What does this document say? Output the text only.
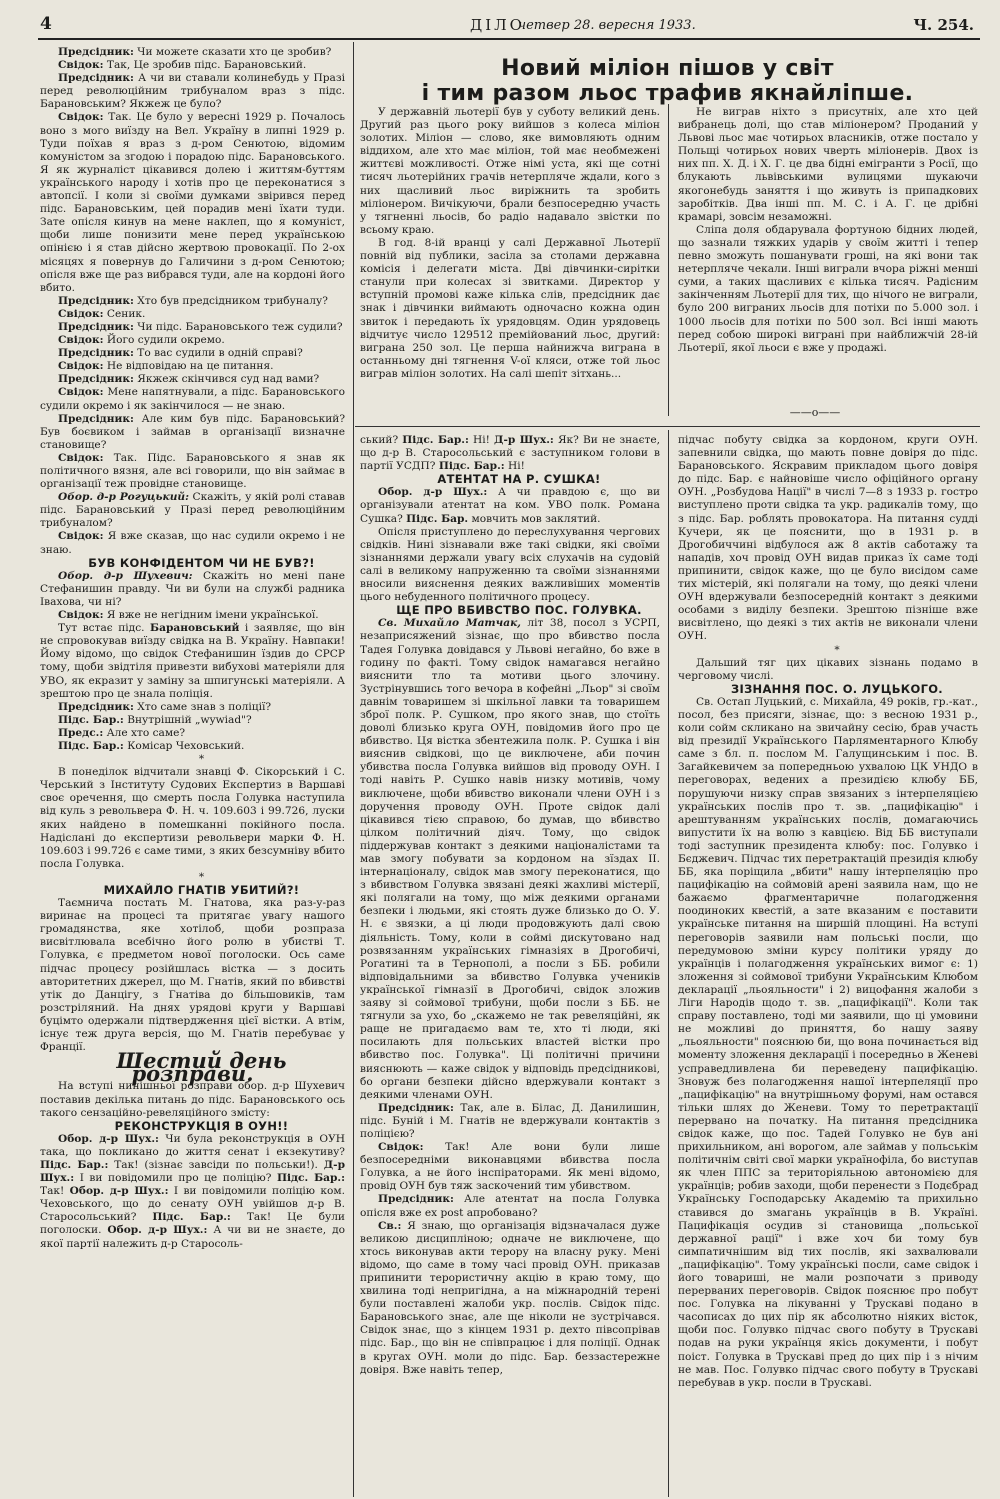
4	ДІЛО
четвер 28. вересня 1933.	Ч. 254.

Предсідник: Чи можете сказати хто це зробив?

Свідок: Так, Це зробив підс. Барановський.

Предсідник: А чи ви ставали колинебудь у Празі перед революційним трибуналом враз з підс. Барановським? Якжеж це було?

Свідок: Так. Це було у вересні 1929 р. Почалось воно з мого виїзду на Вел. Україну в липні 1929 р. Туди поїхав я враз з д-ром Сенютою, відомим комуністом за згодою і порадою підс. Барановського. Я як журналіст цікавився долею і життям-буттям українського народу і хотів про це переконатися з автопсії. І коли зі своїми думками звірився перед підс. Барановським, цей порадив мені їхати туди. Зате опісля кинув на мене наклеп, що я комуніст, щоби лише понизити мене перед українською опінією і я став дійсно жертвою провокації. По 2-ох місяцях я повернув до Галичини з д-ром Сенютою; опісля вже ще раз вибрався туди, але на кордоні його вбито.

Предсідник: Хто був предсідником трибуналу?

Свідок: Сеник.

Предсідник: Чи підс. Барановського теж судили?

Свідок: Його судили окремо.

Предсідник: То вас судили в одній справі?

Свідок: Не відповідаю на це питання.

Предсідник: Якжеж скінчився суд над вами?

Свідок: Мене напятнували, а підс. Барановського судили окремо і як закінчилося — не знаю.

Предсідник: Але ким був підс. Барановський? Був боєвиком і займав в організації визначне становище?

Свідок: Так. Підс. Барановського я знав як політичного вязня, але всі говорили, що він займає в організації теж провідне становище.

Обор. д-р Рогуцький: Скажіть, у якій ролі ставав підс. Барановський у Празі перед революційним трибуналом?

Свідок: Я вже сказав, що нас судили окремо і не знаю.

БУВ КОНФІДЕНТОМ ЧИ НЕ БУВ?!

Обор. д-р Шухевич: Скажіть но мені пане Стефанишин правду. Чи ви були на службі радника Івахова, чи ні?

Свідок: Я вже не негідним імени української.

Тут встає підс. Барановський і заявляє, що він не спровокував виїзду свідка на В. Україну. Навпаки! Йому відомо, що свідок Стефанишин їздив до СРСР тому, щоби звідтіля привезти вибухові матеріяли для УВО, як екразит у заміну за шпигунські матеріяли. А зрештою про це знала поліція.

Предсідник: Хто саме знав з поліції?

Підс. Бар.: Внутрішній „wywiad"?

Предс.: Але хто саме?

Підс. Бар.: Комісар Чеховський.

*

В понеділок відчитали знавці Ф. Сікорський і С. Черський з Інституту Судових Експертиз в Варшаві своє оречення, що смерть посла Голувка наступила від куль з револьвера Ф. Н. ч. 109.603 і 99.726, луски яких найдено в помешканні покійного посла. Надіслані до експертизи револьвери марки Ф. Н. 109.603 і 99.726 є саме тими, з яких безсумніву вбито посла Голувка.

*

МИХАЙЛО ГНАТІВ УБИТИЙ?!

Таємнича постать М. Гнатова, яка раз-у-раз виринає на процесі та притягає увагу нашого громадянства, яке хотілоб, щоби розпраза висвітлювала всебічно його ролю в убистві Т. Голувка, є предметом нової поголоски. Ось саме підчас процесу розійшлась вістка — з досить авторитетних джерел, що М. Гнатів, який по вбивстві утік до Данцігу, з Гнатіва до більшовиків, там розстріляний. На днях урядові круги у Варшаві буцімто одержали підтвердження цієї вістки. А втім, існує теж друга версія, що М. Гнатів перебуває у Франції.

Шестий день розправи.

На вступі нинішньої розправи обор. д-р Шухевич поставив декілька питань до підс. Барановського ось такого сензаційно-ревеляційного змісту:

РЕКОНСТРУКЦІЯ В ОУН!!

Обор. д-р Шух.: Чи була реконструкція в ОУН така, що покликано до життя сенат і екзекутиву? Підс. Бар.: Так! (зізнає завсіди по польськи!). Д-р Шух.: І ви повідомили про це поліцію? Підс. Бар.: Так! Обор. д-р Шух.: І ви повідомили поліцію ком. Чеховського, що до сенату ОУН увійшов д-р В. Старосольський? Підс. Бар.: Так! Це були поголоски. Обор. д-р Шух.: А чи ви не знаєте, до якої партії належить д-р Старосоль-

Новий міліон пішов у світ
і тим разом льос трафив якнайліпше.

У державній льотерії був у суботу великий день. Другий раз цього року вийшов з колеса міліон золотих. Міліон — слово, яке вимовляють одним віддихом, але хто має міліон, той має необмежені життєві можливості. Отже німі уста, які ще сотні тисяч льотерійних грачів нетерпляче ждали, кого з них щасливий льос виріжнить та зробить міліонером. Вичікуючи, брали безпосередню участь у тягненні льосів, бо радіо надавало звістки по всьому краю.

В год. 8-ій вранці у салі Державної Льотерії повній від публики, засіла за столами державна комісія і делегати міста. Дві дівчинки-сирітки станули при колесах зі звитками. Директор у вступній промові каже кілька слів, предсідник дає знак і дівчинки виймають одночасно кожна один звиток і передають їх урядовцям. Один урядовець відчитує число 129512 премійований льос, другий: виграна 250 зол. Це перша найнижча виграна в останньому дні тягнення V-ої кляси, отже той льос виграв міліон золотих. На салі шепіт зітхань...

Не виграв ніхто з присутніх, але хто цей вибранець долі, що став міліонером? Проданий у Львові льос має чотирьох власників, отже постало у Польщі чотирьох нових чверть міліонерів. Двох із них пп. Х. Д. і Х. Г. це два бідні емігранти з Росії, що блукають львівськими вулицями шукаючи якогонебудь заняття і що живуть із припадкових заробітків. Два інші пп. М. С. і А. Г. це дрібні крамарі, зовсім незаможні.

Сліпа доля обдарувала фортуною бідних людей, що зазнали тяжких ударів у своїм житті і тепер певно зможуть пошанувати гроші, на які вони так нетерпляче чекали. Інші виграли вчора ріжні менші суми, а таких щасливих є кілька тисяч. Радісним закінченням Льотерії для тих, що нічого не виграли, було 200 виграних льосів для потіхи по 5.000 зол. і 1000 льосів для потіхи по 500 зол. Всі інші мають перед собою широкі виграні при найближчій 28-ій Льотерії, якої льоси є вже у продажі.

——o——

ський? Підс. Бар.: Ні! Д-р Шух.: Як? Ви не знаєте, що д-р В. Старосольський є заступником голови в партії УСДП? Підс. Бар.: Ні!

АТЕНТАТ НА Р. СУШКА!

Обор. д-р Шух.: А чи правдою є, що ви організували атентат на ком. УВО полк. Романа Сушка? Підс. Бар. мовчить мов заклятий.

Опісля приступлено до переслухування чергових свідків. Нині зізнавали вже такі свідки, які своїми зізнаннями держали увагу всіх слухачів на судовій салі в великому напруженню та своїми зізнаннями вносили вияснення деяких важливіших моментів цього небуденного політичного процесу.

ЩЕ ПРО ВБИВСТВО ПОС. ГОЛУВКА.

Св. Михайло Матчак, літ 38, посол з УСРП, незаприсяжений зізнає, що про вбивство посла Тадея Голувка довідався у Львові негайно, бо вже в годину по факті. Тому свідок намагався негайно вияснити тло та мотиви цього злочину. Зустрінувшись того вечора в кофейні „Льор" зі своїм давнім товаришем зі шкільної лавки та товаришем зброї полк. Р. Сушком, про якого знав, що стоїть доволі близько круга ОУН, повідомив його про це вбивство. Ця вістка збентежила полк. Р. Сушка і він вияснив свідкові, що це виключене, аби почин убивства посла Голувка вийшов від проводу ОУН. І тоді навіть Р. Сушко навів низку мотивів, чому виключене, щоби вбивство виконали члени ОУН і з доручення проводу ОУН. Проте свідок далі цікавився тією справою, бо думав, що вбивство цілком політичний діяч. Тому, що свідок піддержував контакт з деякими націоналістами та мав змогу побувати за кордоном на зїздах II. інтернаціоналу, свідок мав змогу переконатися, що з вбивством Голувка звязані деякі жахливі містерії, які полягали на тому, що між деякими органами безпеки і людьми, які стоять дуже близько до О. У. Н. є звязки, а ці люди продовжують далі свою діяльність. Тому, коли в соймі дискутовано над розвязанням українських гімназіях в Дрогобичі, Рогатині та в Тернополі, а посли з ББ. робили відповідальними за вбивство Голувка учеників української гімназії в Дрогобичі, свідок зложив заяву зі соймової трибуни, щоби посли з ББ. не тягнули за ухо, бо „скажемо не так ревеляційні, як раще не пригадаємо вам те, хто ті люди, які посилають для польських властей вістки про вбивство пос. Голувка". Ці політичні причини вияснюють — каже свідок у відповідь предсідникові, бо органи безпеки дійсно вдержували контакт з деякими членами ОУН.

Предсідник: Так, але в. Білас, Д. Данилишин, підс. Буній і М. Гнатів не вдержували контактів з поліцією?

Свідок: Так! Але вони були лише безпосередніми виконавцями вбивства посла Голувка, а не його інспіраторами. Як мені відомо, провід ОУН був тяж заскочений тим убивством.

Предсідник: Але атентат на посла Голувка опісля вже ех post апробовано?

Св.: Я знаю, що організація відзначалася дуже великою дисципліною; одначе не виключене, що хтось виконував акти терору на власну руку. Мені відомо, що саме в тому часі провід ОУН. приказав припинити терористичну акцію в краю тому, що хвилина тоді непригідна, а на міжнародній терені були поставлені жалоби укр. послів. Свідок підс. Барановського знає, але ще ніколи не зустрічався. Свідок знає, що з кінцем 1931 р. дехто півсопрівав підс. Бар., що він не співпрацює і для поліції. Однак в кругах ОУН. моли до підс. Бар. беззастережне довіря. Вже навіть тепер,

підчас побуту свідка за кордоном, круги ОУН. запевнили свідка, що мають повне довіря до підс. Барановського. Яскравим прикладом цього довіря до підс. Бар. є найновіше число офіційного органу ОУН. „Розбудова Нації" в числі 7—8 з 1933 р. гостро виступлено проти свідка та укр. радикалів тому, що з підс. Бар. роблять провокатора. На питання судді Кучери, як це пояснити, що в 1931 р. в Дрогобиччині відбулося аж 8 актів саботажу та нападів, хоч провід ОУН видав приказ їх саме тоді припинити, свідок каже, що це було висідом саме тих містерій, які полягали на тому, що деякі члени ОУН вдержували безпосередній контакт з деякими особами з виділу безпеки. Зрештою пізніше вже висвітлено, що деякі з тих актів не виконали члени ОУН.

*

Дальший тяг цих цікавих зізнань подамо в черговому числі.

ЗІЗНАННЯ ПОС. О. ЛУЦЬКОГО.

Св. Остап Луцький, с. Михайла, 49 років, гр.-кат., посол, без присяги, зізнає, що: з весною 1931 р., коли сойм скликано на звичайну сесію, брав участь від президії Українського Парляментарного Клюбу саме з бл. п. послом М. Галущинським і пос. В. Загайкевичем за попередньою ухвалою ЦК УНДО в переговорах, ведених а президією клюбу ББ, порушуючи низку справ звязаних з інтерпеляцією українських послів про т. зв. „пацифікацію" і арештуванням українських послів, домагаючись випустити їх на волю з кавцією. Від ББ виступали тоді заступник президента клюбу: пос. Голувко і Бєджевич. Підчас тих перетрактацій президія клюбу ББ, яка поріщила „вбити" нашу інтерпеляцію про пацифікацію на соймовій арені заявила нам, що не бажаємо фрагментаричне полагодження поодиноких квестій, а зате вказаним є поставити українське питання на ширшій площині. На вступі переговорів заявили нам польські посли, що передумовою зміни курсу політики уряду до українців і полагодження українських вимог є: 1) зложення зі соймової трибуни Українським Клюбом декларації „льояльности" і 2) вицофання жалоби з Ліги Народів щодо т. зв. „пацифікації". Коли так справу поставлено, тоді ми заявили, що ці умовини не можливі до приняття, бо нашу заяву „льояльности" пояснюю би, що вона починається від моменту зложення декларації і посередньо в Женеві усправедливлена би переведену пацифікацію. Зновуж без полагодження нашої інтерпеляції про „пацифікацію" на внутрішньому форумі, нам остався тільки шлях до Женеви. Тому то перетрактації перервано на початку. На питання предсідника свідок каже, що пос. Тадей Голувко не був ані прихильником, ані ворогом, але займав у польськім політичнім світі свої марки українофіла, бо виступав як член ППС за територіяльною автономією для українців; робив заходи, щоби перенести з Подєбрад Українську Господарську Академію та прихильно ставився до змагань українців в В. Україні. Пацифікація осудив зі становища „польської державної рації" і вже хоч би тому був симпатичнішим від тих послів, які захвалювали „пацифікацію". Тому українські посли, саме свідок і його товариші, не мали розпочати з приводу перерваних переговорів. Свідок пояснює про побут пос. Голувка на лікуванні у Трускаві подано в часописах до цих пір як абсолютно ніяких вісток, щоби пос. Голувко підчас свого побуту в Трускаві подав на руки українця якісь документи, і побут поіст. Голувка в Трускаві пред до цих пір і з нічим не мав. Пос. Голувко підчас свого побуту в Трускаві перебував в укр. посли в Трускаві.
